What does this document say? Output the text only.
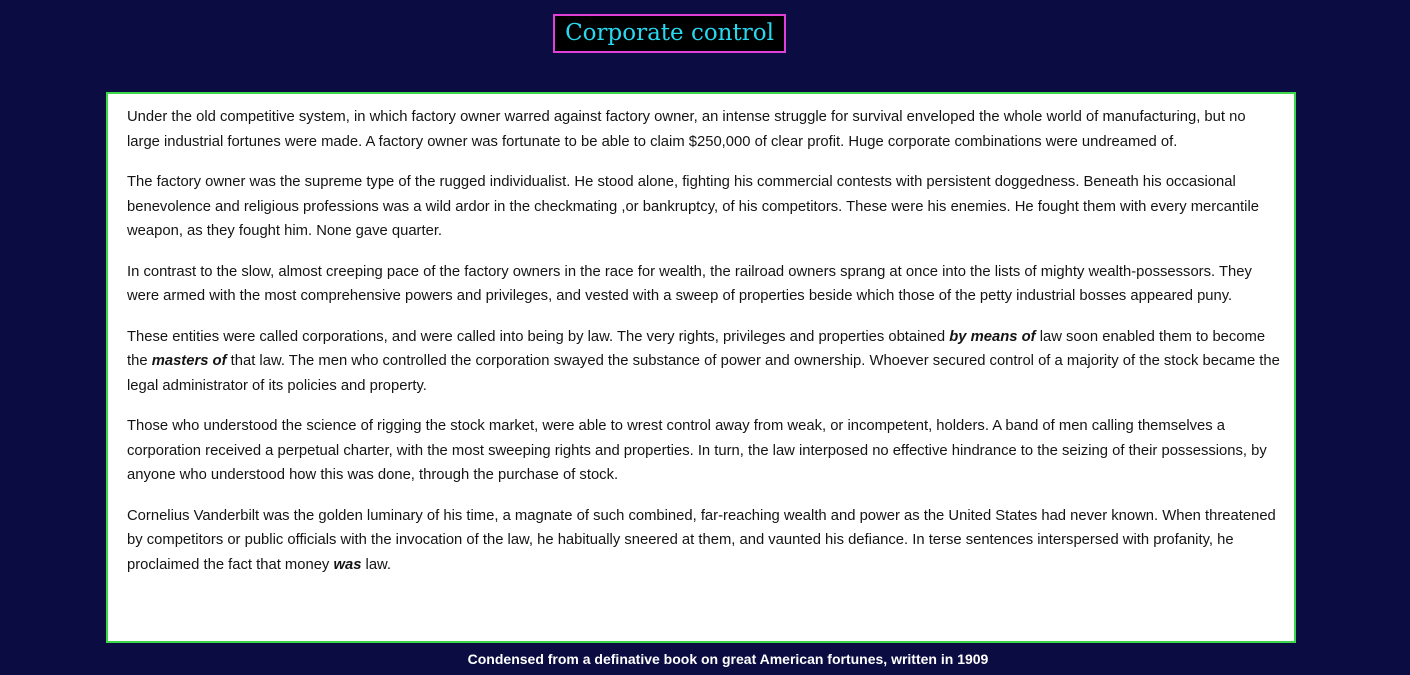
Corporate control

Under the old competitive system, in which factory owner warred against factory owner, an intense struggle for survival enveloped the whole world of manufacturing, but no large industrial fortunes were made. A factory owner was fortunate to be able to claim $250,000 of clear profit. Huge corporate combinations were undreamed of.

The factory owner was the supreme type of the rugged individualist. He stood alone, fighting his commercial contests with persistent doggedness. Beneath his occasional benevolence and religious professions was a wild ardor in the checkmating ,or bankruptcy, of his competitors. These were his enemies. He fought them with every mercantile weapon, as they fought him. None gave quarter.

In contrast to the slow, almost creeping pace of the factory owners in the race for wealth, the railroad owners sprang at once into the lists of mighty wealth-possessors. They were armed with the most comprehensive powers and privileges, and vested with a sweep of properties beside which those of the petty industrial bosses appeared puny.

These entities were called corporations, and were called into being by law. The very rights, privileges and properties obtained by means of law soon enabled them to become the masters of that law. The men who controlled the corporation swayed the substance of power and ownership. Whoever secured control of a majority of the stock became the legal administrator of its policies and property.

Those who understood the science of rigging the stock market, were able to wrest control away from weak, or incompetent, holders. A band of men calling themselves a corporation received a perpetual charter, with the most sweeping rights and properties. In turn, the law interposed no effective hindrance to the seizing of their possessions, by anyone who understood how this was done, through the purchase of stock.

Cornelius Vanderbilt was the golden luminary of his time, a magnate of such combined, far-reaching wealth and power as the United States had never known. When threatened by competitors or public officials with the invocation of the law, he habitually sneered at them, and vaunted his defiance. In terse sentences interspersed with profanity, he proclaimed the fact that money was law.

Condensed from a definative book on great American fortunes, written in 1909
